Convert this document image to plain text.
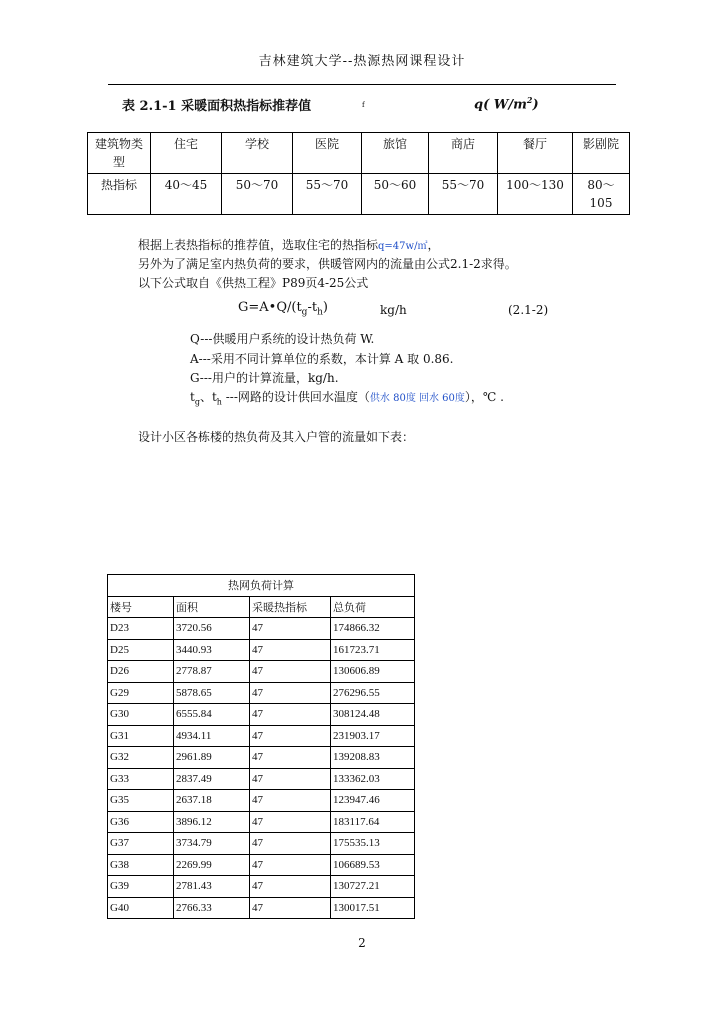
吉林建筑大学--热源热网课程设计
表 2.1-1 采暖面积热指标推荐值	f	q( $W/m^2$)
建筑物类型	住宅	学校	医院	旅馆	商店	餐厅	影剧院
热指标	40～45	50～70	55～70	50～60	55～70	100～130	80～105
根据上表热指标的推荐值，选取住宅的热指标q=47w/㎡，
另外为了满足室内热负荷的要求，供暖管网内的流量由公式2.1-2求得。
以下公式取自《供热工程》P89页4-25公式
$G=A•Q/(t_g-t_h)$	kg/h	(2.1-2)
Q---供暖用户系统的设计热负荷 W.
A---采用不同计算单位的系数，本计算 A 取 0.86.
G---用户的计算流量，kg/h.
$t_g$、$t_h$ ---网路的设计供回水温度（供水 80度 回水 60度），℃ .
设计小区各栋楼的热负荷及其入户管的流量如下表：
热网负荷计算			
楼号	面积	采暖热指标	总负荷
D23	3720.56	47	174866.32
D25	3440.93	47	161723.71
D26	2778.87	47	130606.89
G29	5878.65	47	276296.55
G30	6555.84	47	308124.48
G31	4934.11	47	231903.17
G32	2961.89	47	139208.83
G33	2837.49	47	133362.03
G35	2637.18	47	123947.46
G36	3896.12	47	183117.64
G37	3734.79	47	175535.13
G38	2269.99	47	106689.53
G39	2781.43	47	130727.21
G40	2766.33	47	130017.51
2
